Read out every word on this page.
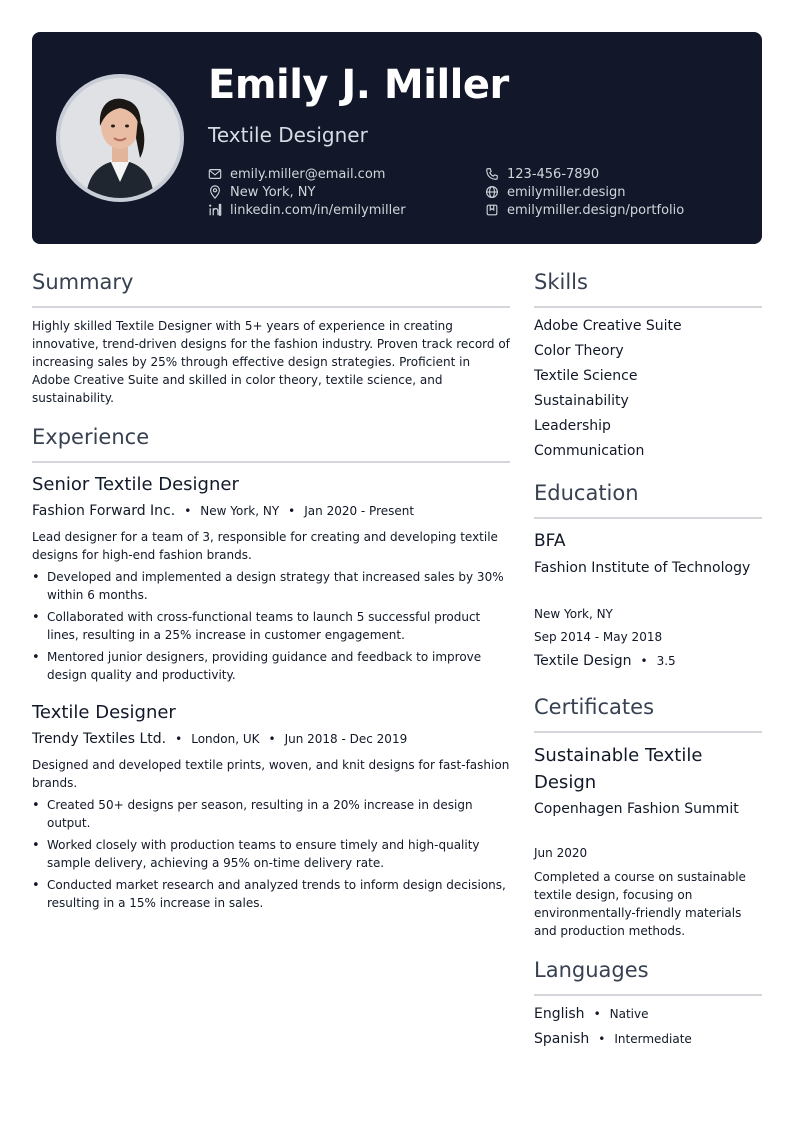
Emily J. Miller
Textile Designer
emily.miller@email.com	123-456-7890
New York, NY	emilymiller.design
linkedin.com/in/emilymiller	emilymiller.design/portfolio
Summary
Highly skilled Textile Designer with 5+ years of experience in creating innovative, trend-driven designs for the fashion industry. Proven track record of increasing sales by 25% through effective design strategies. Proficient in Adobe Creative Suite and skilled in color theory, textile science, and sustainability.
Experience
Senior Textile Designer
Fashion Forward Inc. • New York, NY • Jan 2020 - Present
Lead designer for a team of 3, responsible for creating and developing textile designs for high-end fashion brands.
• Developed and implemented a design strategy that increased sales by 30% within 6 months.
• Collaborated with cross-functional teams to launch 5 successful product lines, resulting in a 25% increase in customer engagement.
• Mentored junior designers, providing guidance and feedback to improve design quality and productivity.
Textile Designer
Trendy Textiles Ltd. • London, UK • Jun 2018 - Dec 2019
Designed and developed textile prints, woven, and knit designs for fast-fashion brands.
• Created 50+ designs per season, resulting in a 20% increase in design output.
• Worked closely with production teams to ensure timely and high-quality sample delivery, achieving a 95% on-time delivery rate.
• Conducted market research and analyzed trends to inform design decisions, resulting in a 15% increase in sales.
Skills
Adobe Creative Suite
Color Theory
Textile Science
Sustainability
Leadership
Communication
Education
BFA
Fashion Institute of Technology
New York, NY
Sep 2014 - May 2018
Textile Design • 3.5
Certificates
Sustainable Textile Design
Copenhagen Fashion Summit
Jun 2020
Completed a course on sustainable textile design, focusing on environmentally-friendly materials and production methods.
Languages
English • Native
Spanish • Intermediate
